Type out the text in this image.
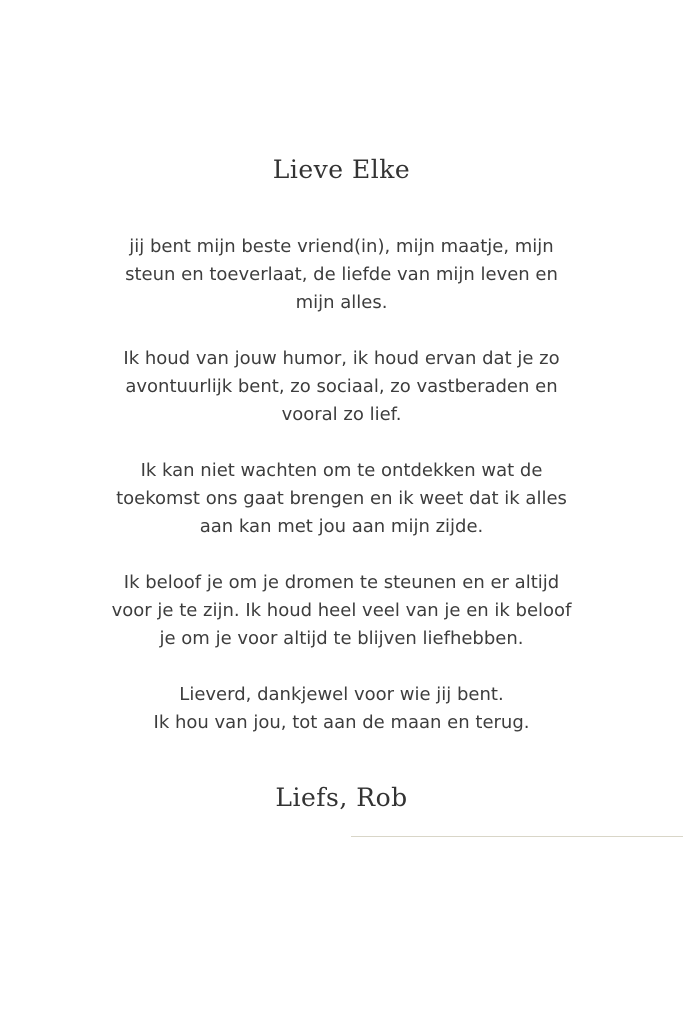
Lieve Elke

jij bent mijn beste vriend(in), mijn maatje, mijn
steun en toeverlaat, de liefde van mijn leven en
mijn alles.

Ik houd van jouw humor, ik houd ervan dat je zo
avontuurlijk bent, zo sociaal, zo vastberaden en
vooral zo lief.

Ik kan niet wachten om te ontdekken wat de
toekomst ons gaat brengen en ik weet dat ik alles
aan kan met jou aan mijn zijde.

Ik beloof je om je dromen te steunen en er altijd
voor je te zijn. Ik houd heel veel van je en ik beloof
je om je voor altijd te blijven liefhebben.

Lieverd, dankjewel voor wie jij bent.
Ik hou van jou, tot aan de maan en terug.

Liefs, Rob
